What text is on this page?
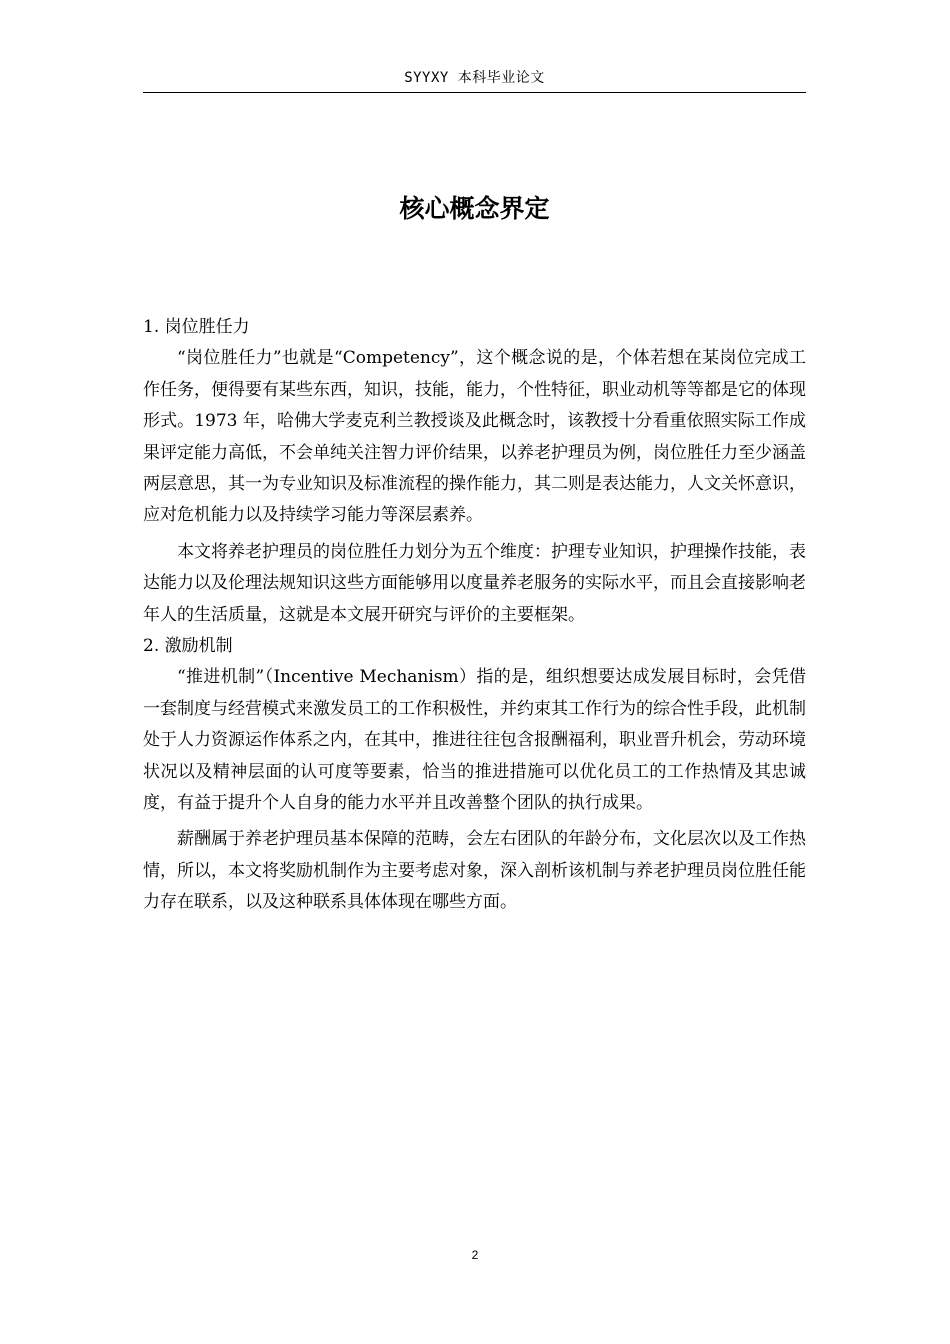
SYYXY 本科毕业论文
核心概念界定
1. 岗位胜任力

“岗位胜任力”也就是“Competency”，这个概念说的是，个体若想在某岗位完成工作任务，便得要有某些东西，知识，技能，能力，个性特征，职业动机等等都是它的体现形式。1973 年，哈佛大学麦克利兰教授谈及此概念时，该教授十分看重依照实际工作成果评定能力高低，不会单纯关注智力评价结果，以养老护理员为例，岗位胜任力至少涵盖两层意思，其一为专业知识及标准流程的操作能力，其二则是表达能力，人文关怀意识，应对危机能力以及持续学习能力等深层素养。

本文将养老护理员的岗位胜任力划分为五个维度：护理专业知识，护理操作技能，表达能力以及伦理法规知识这些方面能够用以度量养老服务的实际水平，而且会直接影响老年人的生活质量，这就是本文展开研究与评价的主要框架。

2. 激励机制

“推进机制”（Incentive Mechanism）指的是，组织想要达成发展目标时，会凭借一套制度与经营模式来激发员工的工作积极性，并约束其工作行为的综合性手段，此机制处于人力资源运作体系之内，在其中，推进往往包含报酬福利，职业晋升机会，劳动环境状况以及精神层面的认可度等要素，恰当的推进措施可以优化员工的工作热情及其忠诚度，有益于提升个人自身的能力水平并且改善整个团队的执行成果。

薪酬属于养老护理员基本保障的范畴，会左右团队的年龄分布，文化层次以及工作热情，所以，本文将奖励机制作为主要考虑对象，深入剖析该机制与养老护理员岗位胜任能力存在联系，以及这种联系具体体现在哪些方面。

2
